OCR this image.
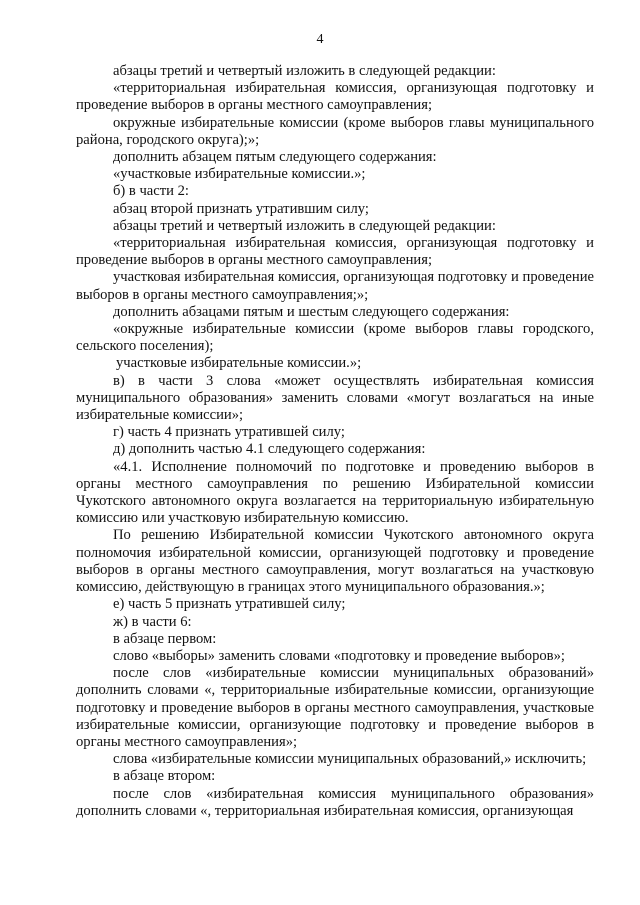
4

абзацы третий и четвертый изложить в следующей редакции:

«территориальная избирательная комиссия, организующая подготовку и проведение выборов в органы местного самоуправления;

окружные избирательные комиссии (кроме выборов главы муниципального района, городского округа);»;

дополнить абзацем пятым следующего содержания:

«участковые избирательные комиссии.»;

б) в части 2:

абзац второй признать утратившим силу;

абзацы третий и четвертый изложить в следующей редакции:

«территориальная избирательная комиссия, организующая подготовку и проведение выборов в органы местного самоуправления;

участковая избирательная комиссия, организующая подготовку и проведение выборов в органы местного самоуправления;»;

дополнить абзацами пятым и шестым следующего содержания:

«окружные избирательные комиссии (кроме выборов главы городского, сельского поселения);

участковые избирательные комиссии.»;

в) в части 3 слова «может осуществлять избирательная комиссия муниципального образования» заменить словами «могут возлагаться на иные избирательные комиссии»;

г) часть 4 признать утратившей силу;

д) дополнить частью 4.1 следующего содержания:

«4.1. Исполнение полномочий по подготовке и проведению выборов в органы местного самоуправления по решению Избирательной комиссии Чукотского автономного округа возлагается на территориальную избирательную комиссию или участковую избирательную комиссию.

По решению Избирательной комиссии Чукотского автономного округа полномочия избирательной комиссии, организующей подготовку и проведение выборов в органы местного самоуправления, могут возлагаться на участковую комиссию, действующую в границах этого муниципального образования.»;

е) часть 5 признать утратившей силу;

ж) в части 6:

в абзаце первом:

слово «выборы» заменить словами «подготовку и проведение выборов»;

после слов «избирательные комиссии муниципальных образований» дополнить словами «, территориальные избирательные комиссии, организующие подготовку и проведение выборов в органы местного самоуправления, участковые избирательные комиссии, организующие подготовку и проведение выборов в органы местного самоуправления»;

слова «избирательные комиссии муниципальных образований,» исключить;

в абзаце втором:

после слов «избирательная комиссия муниципального образования» дополнить словами «, территориальная избирательная комиссия, организующая
